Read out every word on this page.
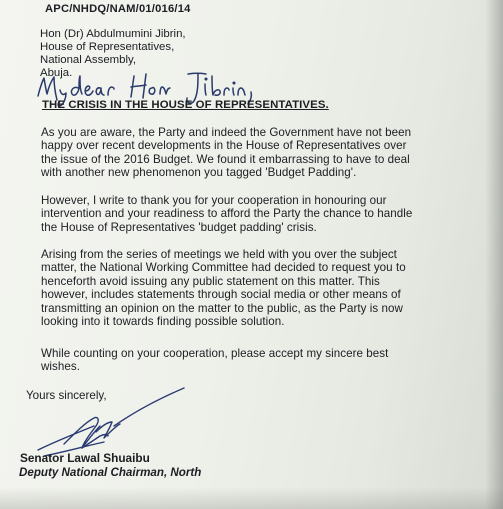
APC/NHDQ/NAM/01/016/14
Hon (Dr) Abdulmumini Jibrin,
House of Representatives,
National Assembly,
Abuja.
THE CRISIS IN THE HOUSE OF REPRESENTATIVES.
As you are aware, the Party and indeed the Government have not been
happy over recent developments in the House of Representatives over
the issue of the 2016 Budget. We found it embarrassing to have to deal
with another new phenomenon you tagged 'Budget Padding'.
However, I write to thank you for your cooperation in honouring our
intervention and your readiness to afford the Party the chance to handle
the House of Representatives 'budget padding' crisis.
Arising from the series of meetings we held with you over the subject
matter, the National Working Committee had decided to request you to
henceforth avoid issuing any public statement on this matter. This
however, includes statements through social media or other means of
transmitting an opinion on the matter to the public, as the Party is now
looking into it towards finding possible solution.
While counting on your cooperation, please accept my sincere best
wishes.
Yours sincerely,
Senator Lawal Shuaibu
Deputy National Chairman, North
